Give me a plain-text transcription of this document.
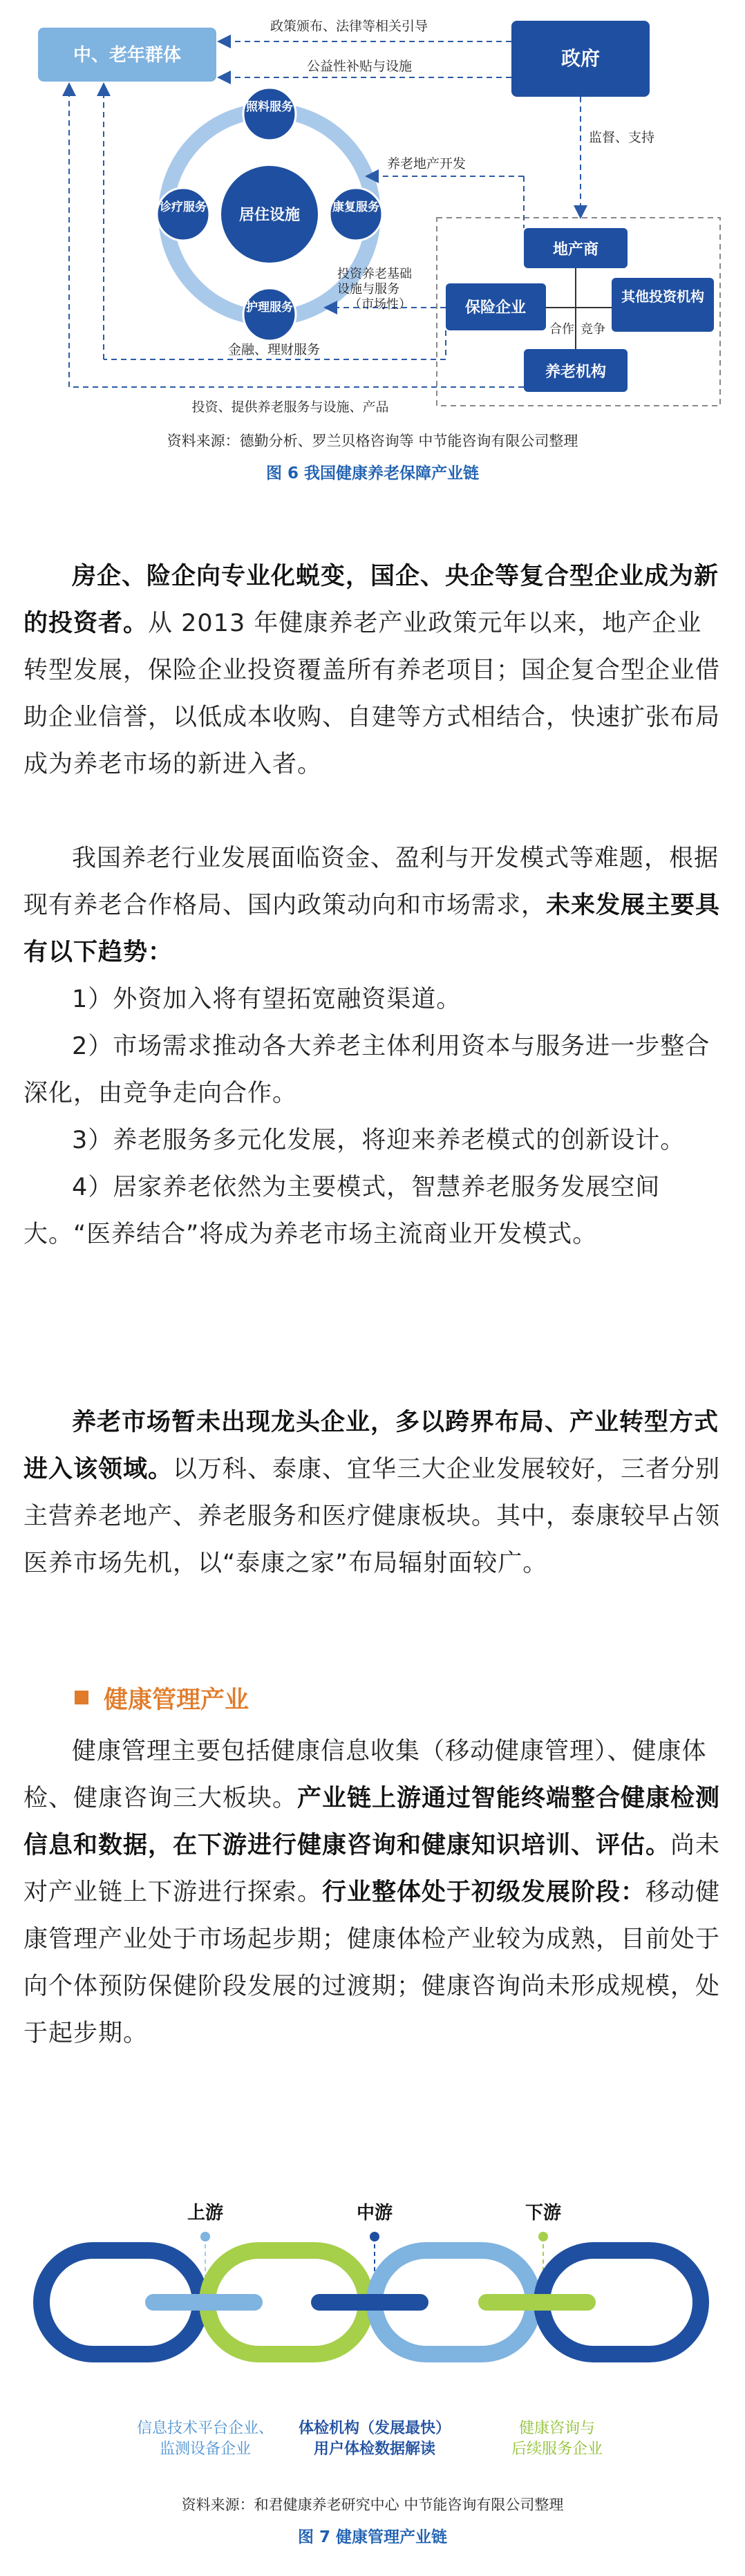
中、老年群体	政府
政策颁布、法律等相关引导
公益性补贴与设施
监督、支持
地产商
保险企业
其他投资机构
养老机构
合作 竞争
居住设施
照料服务
康复服务
护理服务
诊疗服务
养老地产开发
投资养老基础
设施与服务
（市场性）
金融、理财服务
投资、提供养老服务与设施、产品
资料来源：德勤分析、罗兰贝格咨询等 中节能咨询有限公司整理
图 6 我国健康养老保障产业链

房企、险企向专业化蜕变，国企、央企等复合型企业成为新的投资者。从 2013 年健康养老产业政策元年以来，地产企业转型发展，保险企业投资覆盖所有养老项目；国企复合型企业借助企业信誉，以低成本收购、自建等方式相结合，快速扩张布局成为养老市场的新进入者。

我国养老行业发展面临资金、盈利与开发模式等难题，根据现有养老合作格局、国内政策动向和市场需求，未来发展主要具有以下趋势：

1）外资加入将有望拓宽融资渠道。

2）市场需求推动各大养老主体利用资本与服务进一步整合深化，由竞争走向合作。

3）养老服务多元化发展，将迎来养老模式的创新设计。

4）居家养老依然为主要模式，智慧养老服务发展空间大。“医养结合”将成为养老市场主流商业开发模式。

养老市场暂未出现龙头企业，多以跨界布局、产业转型方式进入该领域。以万科、泰康、宜华三大企业发展较好，三者分别主营养老地产、养老服务和医疗健康板块。其中，泰康较早占领医养市场先机，以“泰康之家”布局辐射面较广。

健康管理产业

健康管理主要包括健康信息收集（移动健康管理）、健康体检、健康咨询三大板块。产业链上游通过智能终端整合健康检测信息和数据，在下游进行健康咨询和健康知识培训、评估。尚未对产业链上下游进行探索。行业整体处于初级发展阶段：移动健康管理产业处于市场起步期；健康体检产业较为成熟，目前处于向个体预防保健阶段发展的过渡期；健康咨询尚未形成规模，处于起步期。

上游	中游	下游
信息技术平台企业、
监测设备企业
体检机构（发展最快）
用户体检数据解读
健康咨询与
后续服务企业
资料来源：和君健康养老研究中心 中节能咨询有限公司整理
图 7 健康管理产业链
